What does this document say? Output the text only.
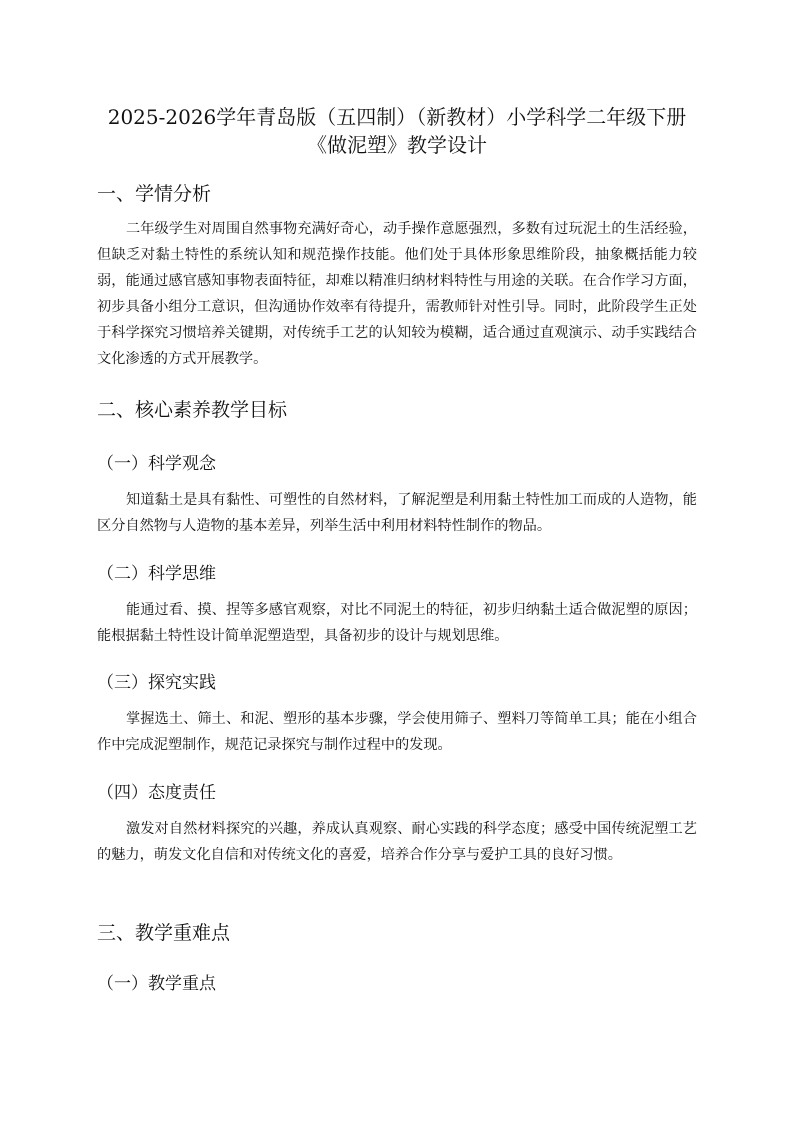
2025-2026学年青岛版（五四制）（新教材）小学科学二年级下册
《做泥塑》教学设计
一、学情分析

二年级学生对周围自然事物充满好奇心，动手操作意愿强烈，多数有过玩泥土的生活经验，但缺乏对黏土特性的系统认知和规范操作技能。他们处于具体形象思维阶段，抽象概括能力较弱，能通过感官感知事物表面特征，却难以精准归纳材料特性与用途的关联。在合作学习方面，初步具备小组分工意识，但沟通协作效率有待提升，需教师针对性引导。同时，此阶段学生正处于科学探究习惯培养关键期，对传统手工艺的认知较为模糊，适合通过直观演示、动手实践结合文化渗透的方式开展教学。

二、核心素养教学目标
（一）科学观念

知道黏土是具有黏性、可塑性的自然材料，了解泥塑是利用黏土特性加工而成的人造物，能区分自然物与人造物的基本差异，列举生活中利用材料特性制作的物品。

（二）科学思维

能通过看、摸、捏等多感官观察，对比不同泥土的特征，初步归纳黏土适合做泥塑的原因；能根据黏土特性设计简单泥塑造型，具备初步的设计与规划思维。

（三）探究实践

掌握选土、筛土、和泥、塑形的基本步骤，学会使用筛子、塑料刀等简单工具；能在小组合作中完成泥塑制作，规范记录探究与制作过程中的发现。

（四）态度责任

激发对自然材料探究的兴趣，养成认真观察、耐心实践的科学态度；感受中国传统泥塑工艺的魅力，萌发文化自信和对传统文化的喜爱，培养合作分享与爱护工具的良好习惯。

三、教学重难点
（一）教学重点
